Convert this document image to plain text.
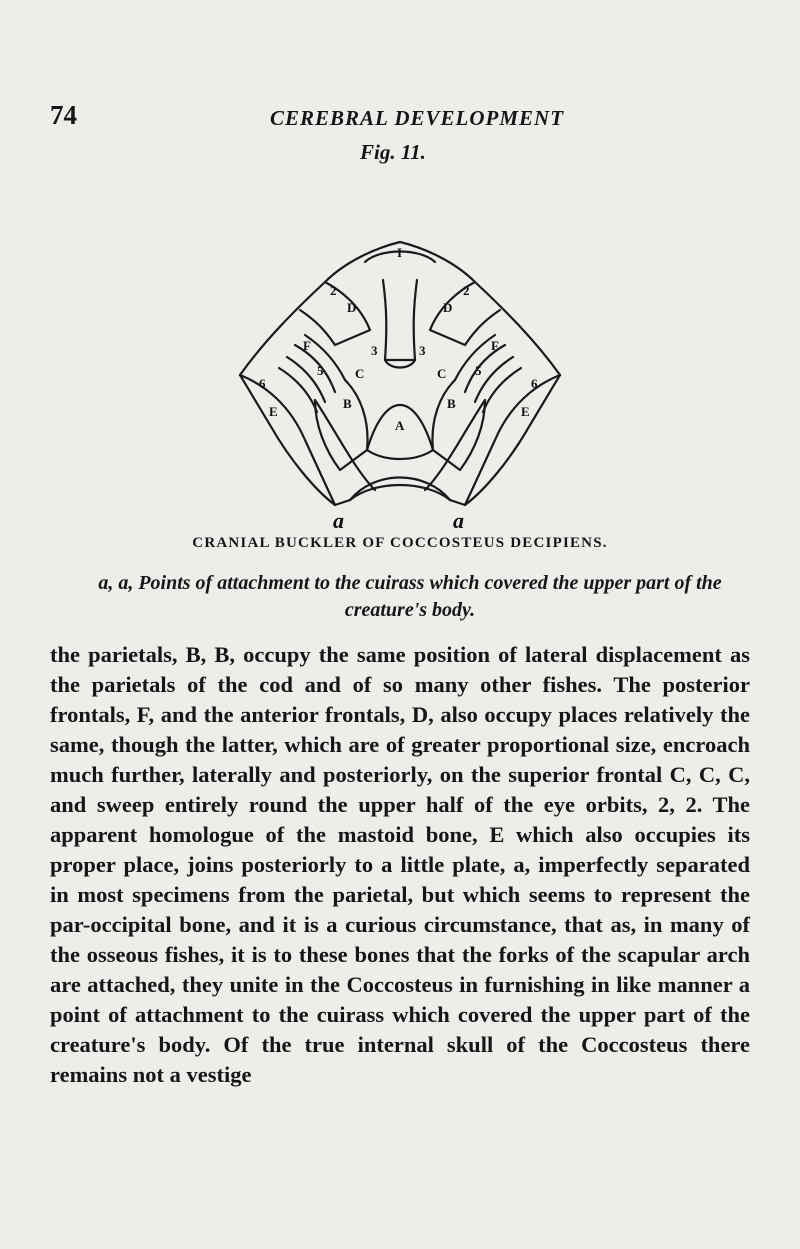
74	CEREBRAL DEVELOPMENT
Fig. 11.
I
2	2
D	D
F	F
3	3
5	5
C	C
6	6
B	B
E	E
A
a	a
CRANIAL BUCKLER OF COCCOSTEUS DECIPIENS.
a, a, Points of attachment to the cuirass which covered the upper part of the creature's body.

the parietals, B, B, occupy the same position of lateral displacement as the parietals of the cod and of so many other fishes. The posterior frontals, F, and the anterior frontals, D, also occupy places relatively the same, though the latter, which are of greater proportional size, encroach much further, laterally and posteriorly, on the superior frontal C, C, C, and sweep entirely round the upper half of the eye orbits, 2, 2. The apparent homologue of the mastoid bone, E which also occupies its proper place, joins posteriorly to a little plate, a, imperfectly separated in most specimens from the parietal, but which seems to represent the par-occipital bone, and it is a curious circumstance, that as, in many of the osseous fishes, it is to these bones that the forks of the scapular arch are attached, they unite in the Coccosteus in furnishing in like manner a point of attachment to the cuirass which covered the upper part of the creature's body. Of the true internal skull of the Coccosteus there remains not a vestige
